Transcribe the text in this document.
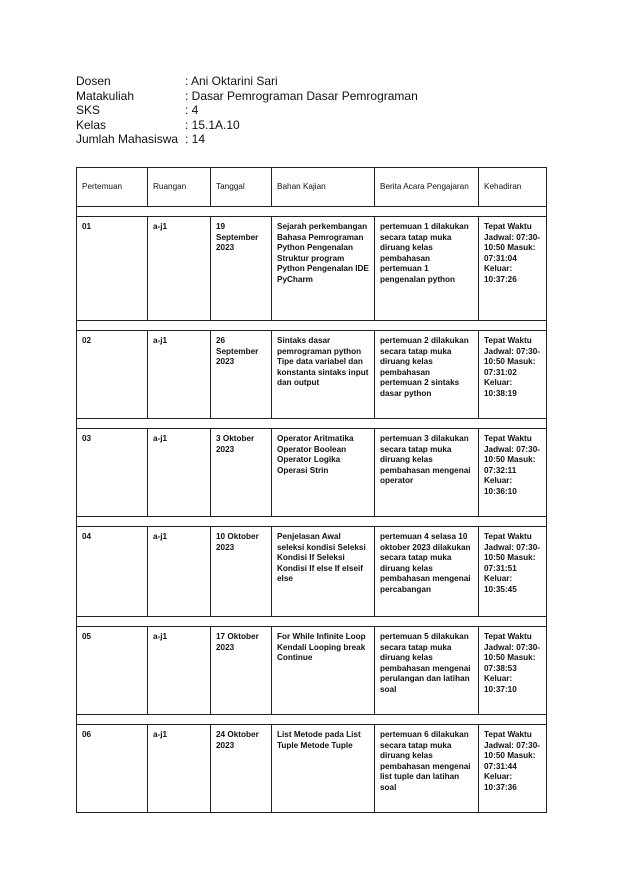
Dosen	: Ani Oktarini Sari
Matakuliah	: Dasar Pemrograman Dasar Pemrograman
SKS	: 4
Kelas	: 15.1A.10
Jumlah Mahasiswa : 14
Pertemuan	Ruangan	Tanggal	Bahan Kajian	Berita Acara Pengajaran	Kehadiran

01	a-j1	19 September 2023	Sejarah perkembangan Bahasa Pemrograman Python Pengenalan Struktur program Python Pengenalan IDE PyCharm	pertemuan 1 dilakukan secara tatap muka diruang kelas pembahasan pertemuan 1 pengenalan python	Tepat Waktu Jadwal: 07:30-10:50 Masuk: 07:31:04 Keluar: 10:37:26

02	a-j1	26 September 2023	Sintaks dasar pemrograman python Tipe data variabel dan konstanta sintaks input dan output	pertemuan 2 dilakukan secara tatap muka diruang kelas pembahasan pertemuan 2 sintaks dasar python	Tepat Waktu Jadwal: 07:30-10:50 Masuk: 07:31:02 Keluar: 10:38:19

03	a-j1	3 Oktober 2023	Operator Aritmatika Operator Boolean Operator Logika Operasi Strin	pertemuan 3 dilakukan secara tatap muka diruang kelas pembahasan mengenai operator	Tepat Waktu Jadwal: 07:30-10:50 Masuk: 07:32:11 Keluar: 10:36:10

04	a-j1	10 Oktober 2023	Penjelasan Awal seleksi kondisi Seleksi Kondisi If Seleksi Kondisi If else If elseif else	pertemuan 4 selasa 10 oktober 2023 dilakukan secara tatap muka diruang kelas pembahasan mengenai percabangan	Tepat Waktu Jadwal: 07:30-10:50 Masuk: 07:31:51 Keluar: 10:35:45

05	a-j1	17 Oktober 2023	For While Infinite Loop Kendali Looping break Continue	pertemuan 5 dilakukan secara tatap muka diruang kelas pembahasan mengenai perulangan dan latihan soal	Tepat Waktu Jadwal: 07:30-10:50 Masuk: 07:38:53 Keluar: 10:37:10

06	a-j1	24 Oktober 2023	List Metode pada List Tuple Metode Tuple	pertemuan 6 dilakukan secara tatap muka diruang kelas pembahasan mengenai list tuple dan latihan soal	Tepat Waktu Jadwal: 07:30-10:50 Masuk: 07:31:44 Keluar: 10:37:36
